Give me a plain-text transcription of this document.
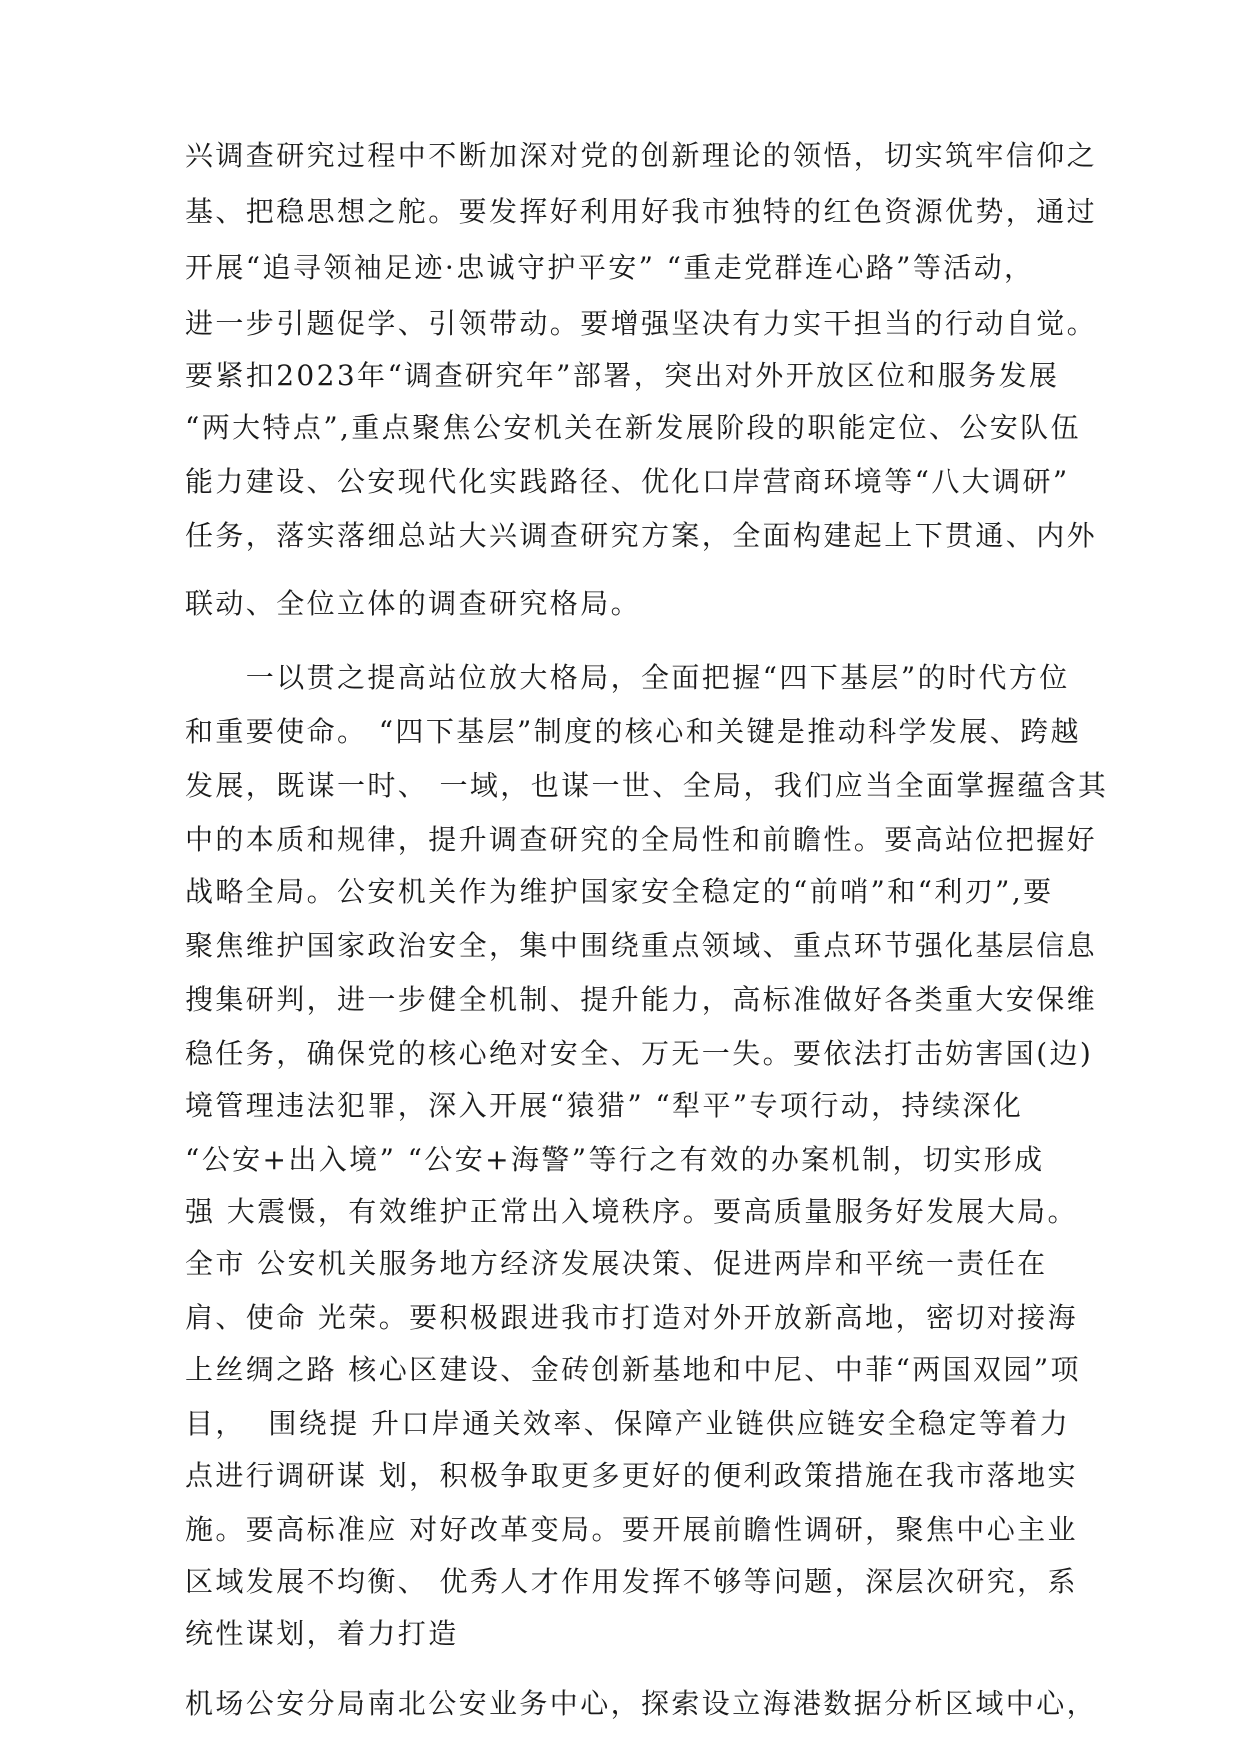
兴调查研究过程中不断加深对党的创新理论的领悟，切实筑牢信仰之
基、把稳思想之舵。要发挥好利用好我市独特的红色资源优势，通过
开展“追寻领袖足迹·忠诚守护平安” “重走党群连心路”等活动，
进一步引题促学、引领带动。要增强坚决有力实干担当的行动自觉。
要紧扣2023年“调查研究年”部署，突出对外开放区位和服务发展
“两大特点”,重点聚焦公安机关在新发展阶段的职能定位、公安队伍
能力建设、公安现代化实践路径、优化口岸营商环境等“八大调研”
任务，落实落细总站大兴调查研究方案，全面构建起上下贯通、内外
联动、全位立体的调查研究格局。
　　一以贯之提高站位放大格局，全面把握“四下基层”的时代方位
和重要使命。 “四下基层”制度的核心和关键是推动科学发展、跨越
发展，既谋一时、 一域，也谋一世、全局，我们应当全面掌握蕴含其
中的本质和规律，提升调查研究的全局性和前瞻性。要高站位把握好
战略全局。公安机关作为维护国家安全稳定的“前哨”和“利刃”,要
聚焦维护国家政治安全，集中围绕重点领域、重点环节强化基层信息
搜集研判，进一步健全机制、提升能力，高标准做好各类重大安保维
稳任务，确保党的核心绝对安全、万无一失。要依法打击妨害国(边)
境管理违法犯罪，深入开展“猿猎” “犁平”专项行动，持续深化
“公安+出入境” “公安+海警”等行之有效的办案机制，切实形成
强 大震慑，有效维护正常出入境秩序。要高质量服务好发展大局。
全市 公安机关服务地方经济发展决策、促进两岸和平统一责任在
肩、使命 光荣。要积极跟进我市打造对外开放新高地，密切对接海
上丝绸之路 核心区建设、金砖创新基地和中尼、中菲“两国双园”项
目，  围绕提 升口岸通关效率、保障产业链供应链安全稳定等着力
点进行调研谋 划，积极争取更多更好的便利政策措施在我市落地实
施。要高标准应 对好改革变局。要开展前瞻性调研，聚焦中心主业
区域发展不均衡、 优秀人才作用发挥不够等问题，深层次研究，系
统性谋划，着力打造
机场公安分局南北公安业务中心，探索设立海港数据分析区域中心，
